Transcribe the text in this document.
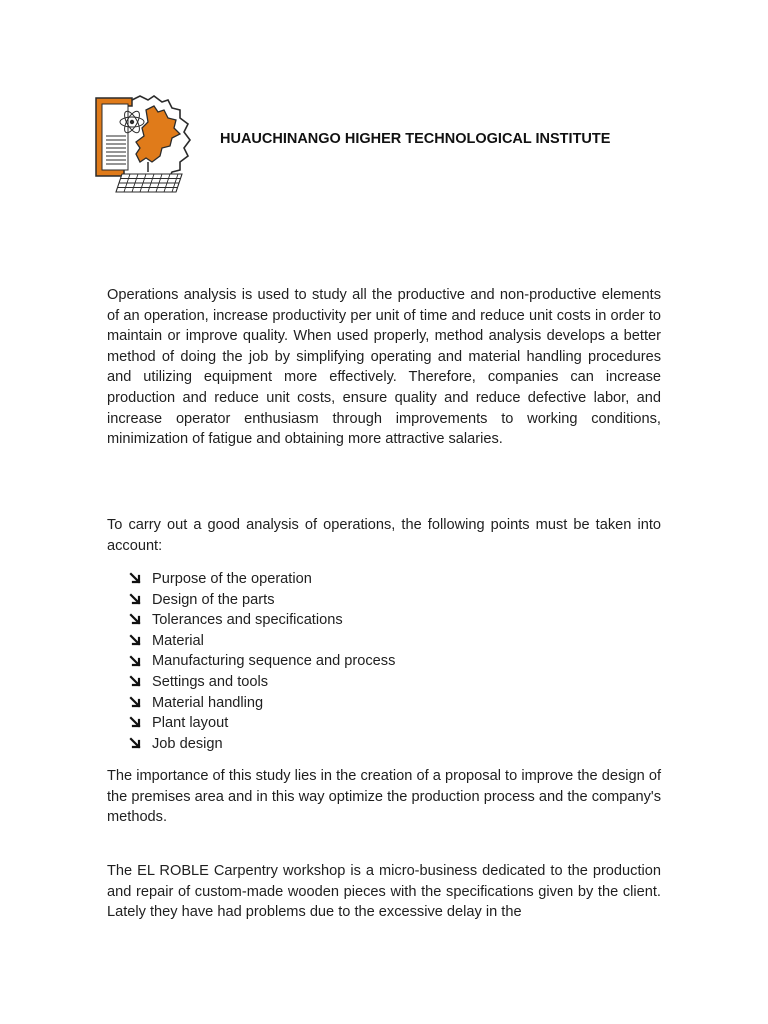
HUAUCHINANGO HIGHER TECHNOLOGICAL INSTITUTE

Operations analysis is used to study all the productive and non-productive elements of an operation, increase productivity per unit of time and reduce unit costs in order to maintain or improve quality. When used properly, method analysis develops a better method of doing the job by simplifying operating and material handling procedures and utilizing equipment more effectively. Therefore, companies can increase production and reduce unit costs, ensure quality and reduce defective labor, and increase operator enthusiasm through improvements to working conditions, minimization of fatigue and obtaining more attractive salaries.

To carry out a good analysis of operations, the following points must be taken into account:

Purpose of the operation
Design of the parts
Tolerances and specifications
Material
Manufacturing sequence and process
Settings and tools
Material handling
Plant layout
Job design

The importance of this study lies in the creation of a proposal to improve the design of the premises area and in this way optimize the production process and the company's methods.

The EL ROBLE Carpentry workshop is a micro-business dedicated to the production and repair of custom-made wooden pieces with the specifications given by the client. Lately they have had problems due to the excessive delay in the
